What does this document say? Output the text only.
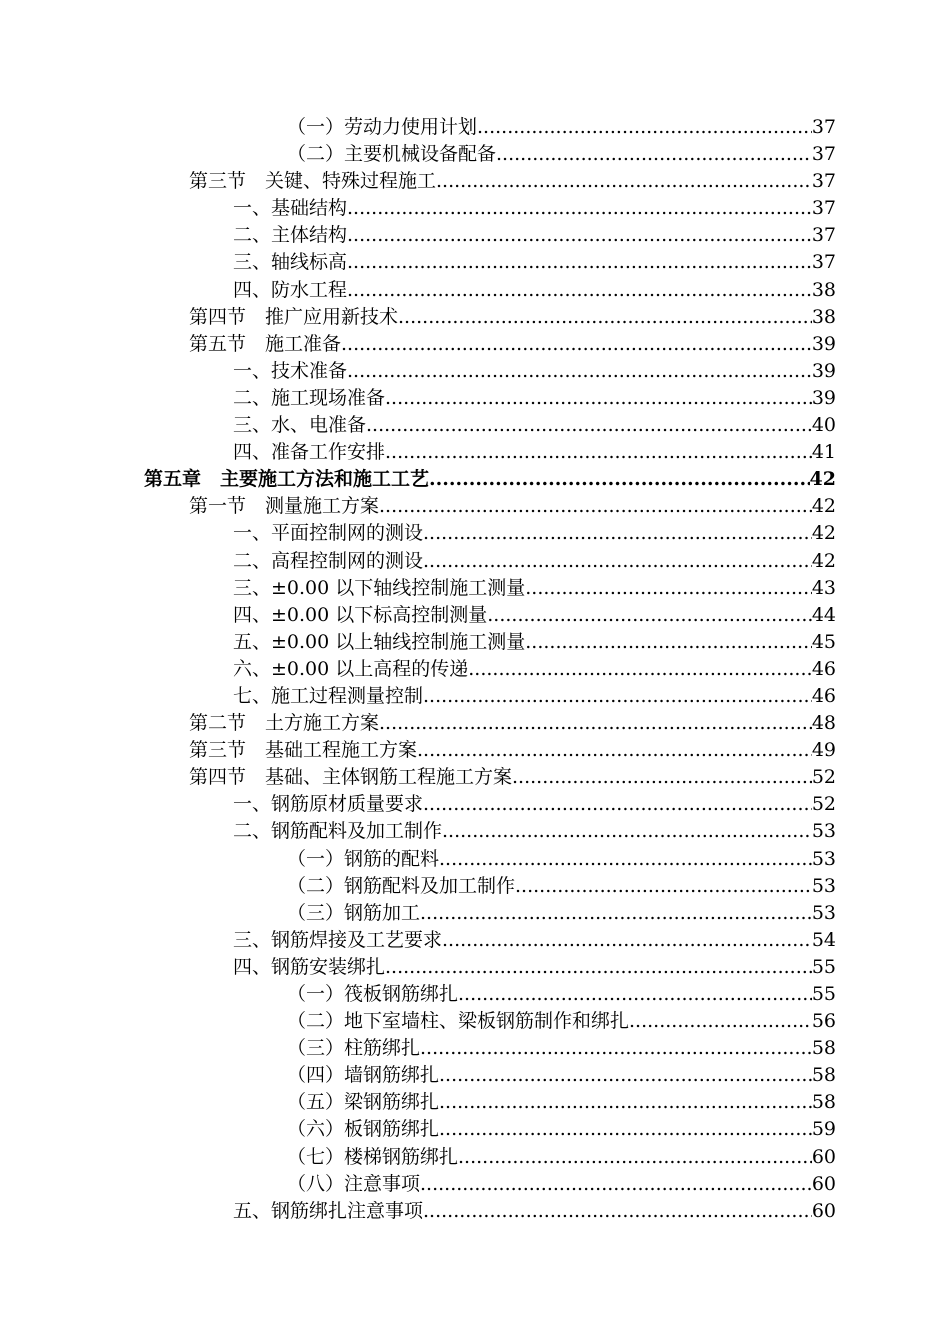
（一）劳动力使用计划 .....	37
（二）主要机械设备配备 .....	37
第三节　关键、特殊过程施工 .....	37
一、基础结构 .....	37
二、主体结构 .....	37
三、轴线标高 .....	37
四、防水工程 .....	38
第四节　推广应用新技术 .....	38
第五节　施工准备 .....	39
一、技术准备 .....	39
二、施工现场准备 .....	39
三、水、电准备 .....	40
四、准备工作安排 .....	41
第五章　主要施工方法和施工工艺 .....	42
第一节　测量施工方案 .....	42
一、平面控制网的测设 .....	42
二、高程控制网的测设 .....	42
三、±0.00 以下轴线控制施工测量 .....	43
四、±0.00 以下标高控制测量 .....	44
五、±0.00 以上轴线控制施工测量 .....	45
六、±0.00 以上高程的传递 .....	46
七、施工过程测量控制 .....	46
第二节　土方施工方案 .....	48
第三节　基础工程施工方案 .....	49
第四节　基础、主体钢筋工程施工方案 .....	52
一、钢筋原材质量要求 .....	52
二、钢筋配料及加工制作 .....	53
（一）钢筋的配料 .....	53
（二）钢筋配料及加工制作 .....	53
（三）钢筋加工 .....	53
三、钢筋焊接及工艺要求 .....	54
四、钢筋安装绑扎 .....	55
（一）筏板钢筋绑扎 .....	55
（二）地下室墙柱、梁板钢筋制作和绑扎 .....	56
（三）柱筋绑扎 .....	58
（四）墙钢筋绑扎 .....	58
（五）梁钢筋绑扎 .....	58
（六）板钢筋绑扎 .....	59
（七）楼梯钢筋绑扎 .....	60
（八）注意事项 .....	60
五、钢筋绑扎注意事项 .....	60
